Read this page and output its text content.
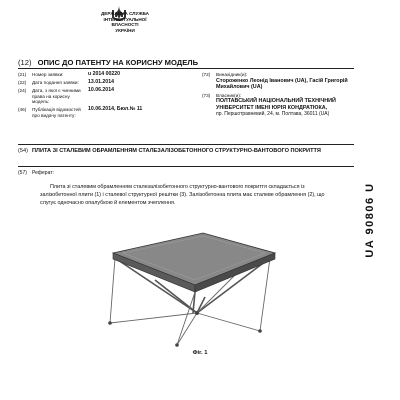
ДЕРЖАВНА СЛУЖБА
ІНТЕЛЕКТУАЛЬНОЇ
ВЛАСНОСТІ
УКРАЇНИ
(12) ОПИС ДО ПАТЕНТУ НА КОРИСНУ МОДЕЛЬ
(21)	Номер заявки:	u 2014 00220
(22)	Дата подання заявки:	13.01.2014
(24)	Дата, з якої є чинними права на корисну модель:
10.06.2014
(46)	Публікація відомостей про видачу патенту:
10.06.2014, Бюл.№ 11
(72)	Винахідник(и):
Стороженко Леонід Іванович (UA), Гасій Григорій Михайлович (UA)
(73)	Власник(и):
ПОЛТАВСЬКИЙ НАЦІОНАЛЬНИЙ ТЕХНІЧНИЙ УНІВЕРСИТЕТ ІМЕНІ ЮРІЯ КОНДРАТЮКА,
пр. Першотравневий, 24, м. Полтава, 36011 (UA)
(54) ПЛИТА ЗІ СТАЛЕВИМ ОБРАМЛЕННЯМ СТАЛЕЗАЛІЗОБЕТОННОГО СТРУКТУРНО-ВАНТОВОГО ПОКРИТТЯ
(57)	Реферат:

Плита зі сталевим обрамленням сталезалізобетонного структурно-вантового покриття складається із залізобетонної плити (1) і сталевої структурної решітки (3). Залізобетонна плита має сталеве обрамлення (2), що слугує одночасно опалубкою й елементом зчеплення.

Фіг. 1
UA 90806 U
